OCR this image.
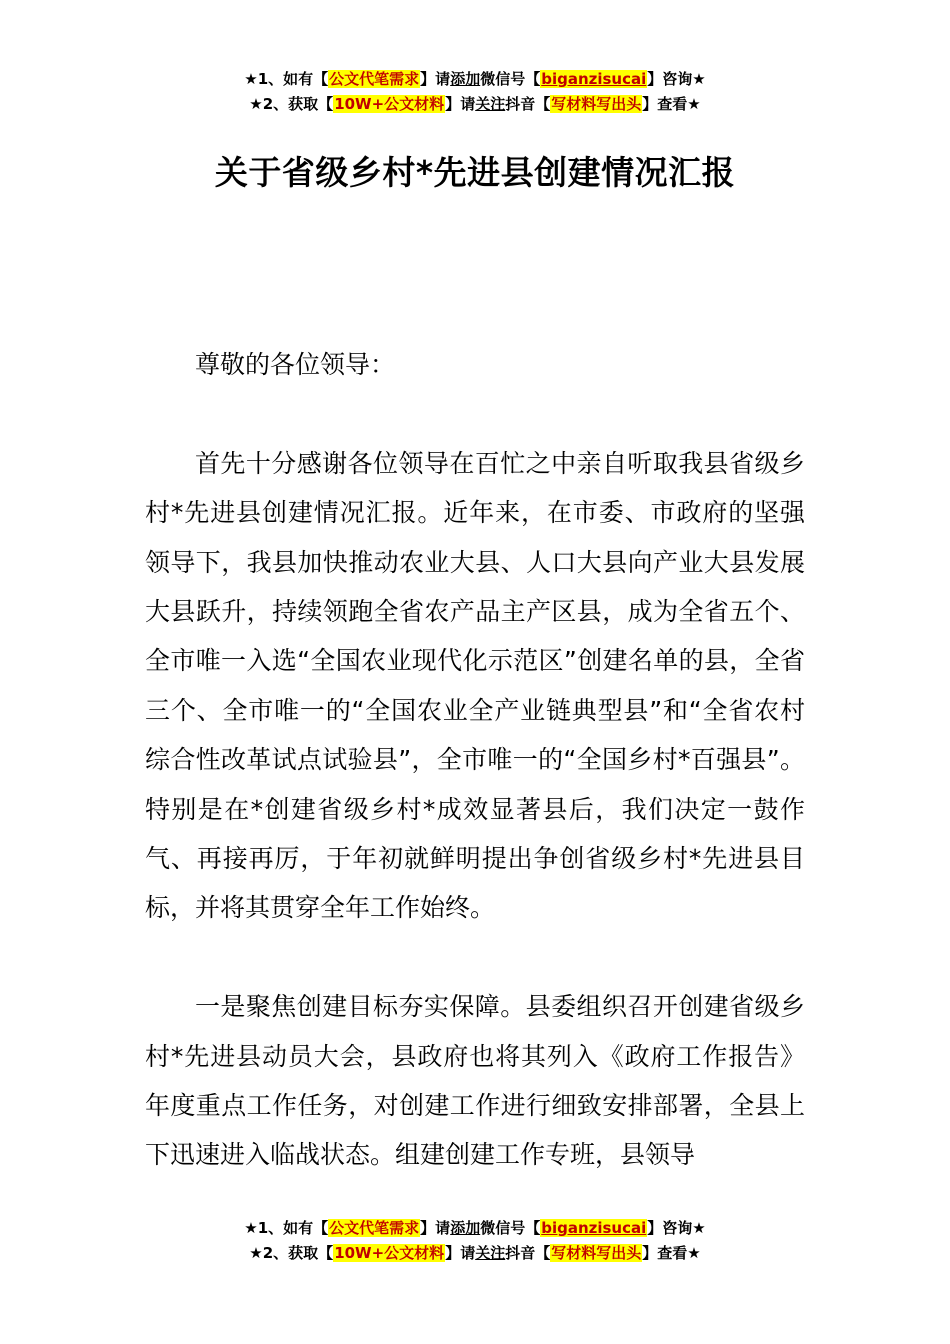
★1、如有【公文代笔需求】请添加微信号【biganzisucai】咨询★
★2、获取【10W+公文材料】请关注抖音【写材料写出头】查看★
关于省级乡村*先进县创建情况汇报

尊敬的各位领导：

首先十分感谢各位领导在百忙之中亲自听取我县省级乡村*先进县创建情况汇报。近年来，在市委、市政府的坚强领导下，我县加快推动农业大县、人口大县向产业大县发展大县跃升，持续领跑全省农产品主产区县，成为全省五个、全市唯一入选“全国农业现代化示范区”创建名单的县，全省三个、全市唯一的“全国农业全产业链典型县”和“全省农村综合性改革试点试验县”，全市唯一的“全国乡村*百强县”。特别是在*创建省级乡村*成效显著县后，我们决定一鼓作气、再接再厉，于年初就鲜明提出争创省级乡村*先进县目标，并将其贯穿全年工作始终。

一是聚焦创建目标夯实保障。县委组织召开创建省级乡村*先进县动员大会，县政府也将其列入《政府工作报告》年度重点工作任务，对创建工作进行细致安排部署，全县上下迅速进入临战状态。组建创建工作专班，县领导

★1、如有【公文代笔需求】请添加微信号【biganzisucai】咨询★
★2、获取【10W+公文材料】请关注抖音【写材料写出头】查看★
